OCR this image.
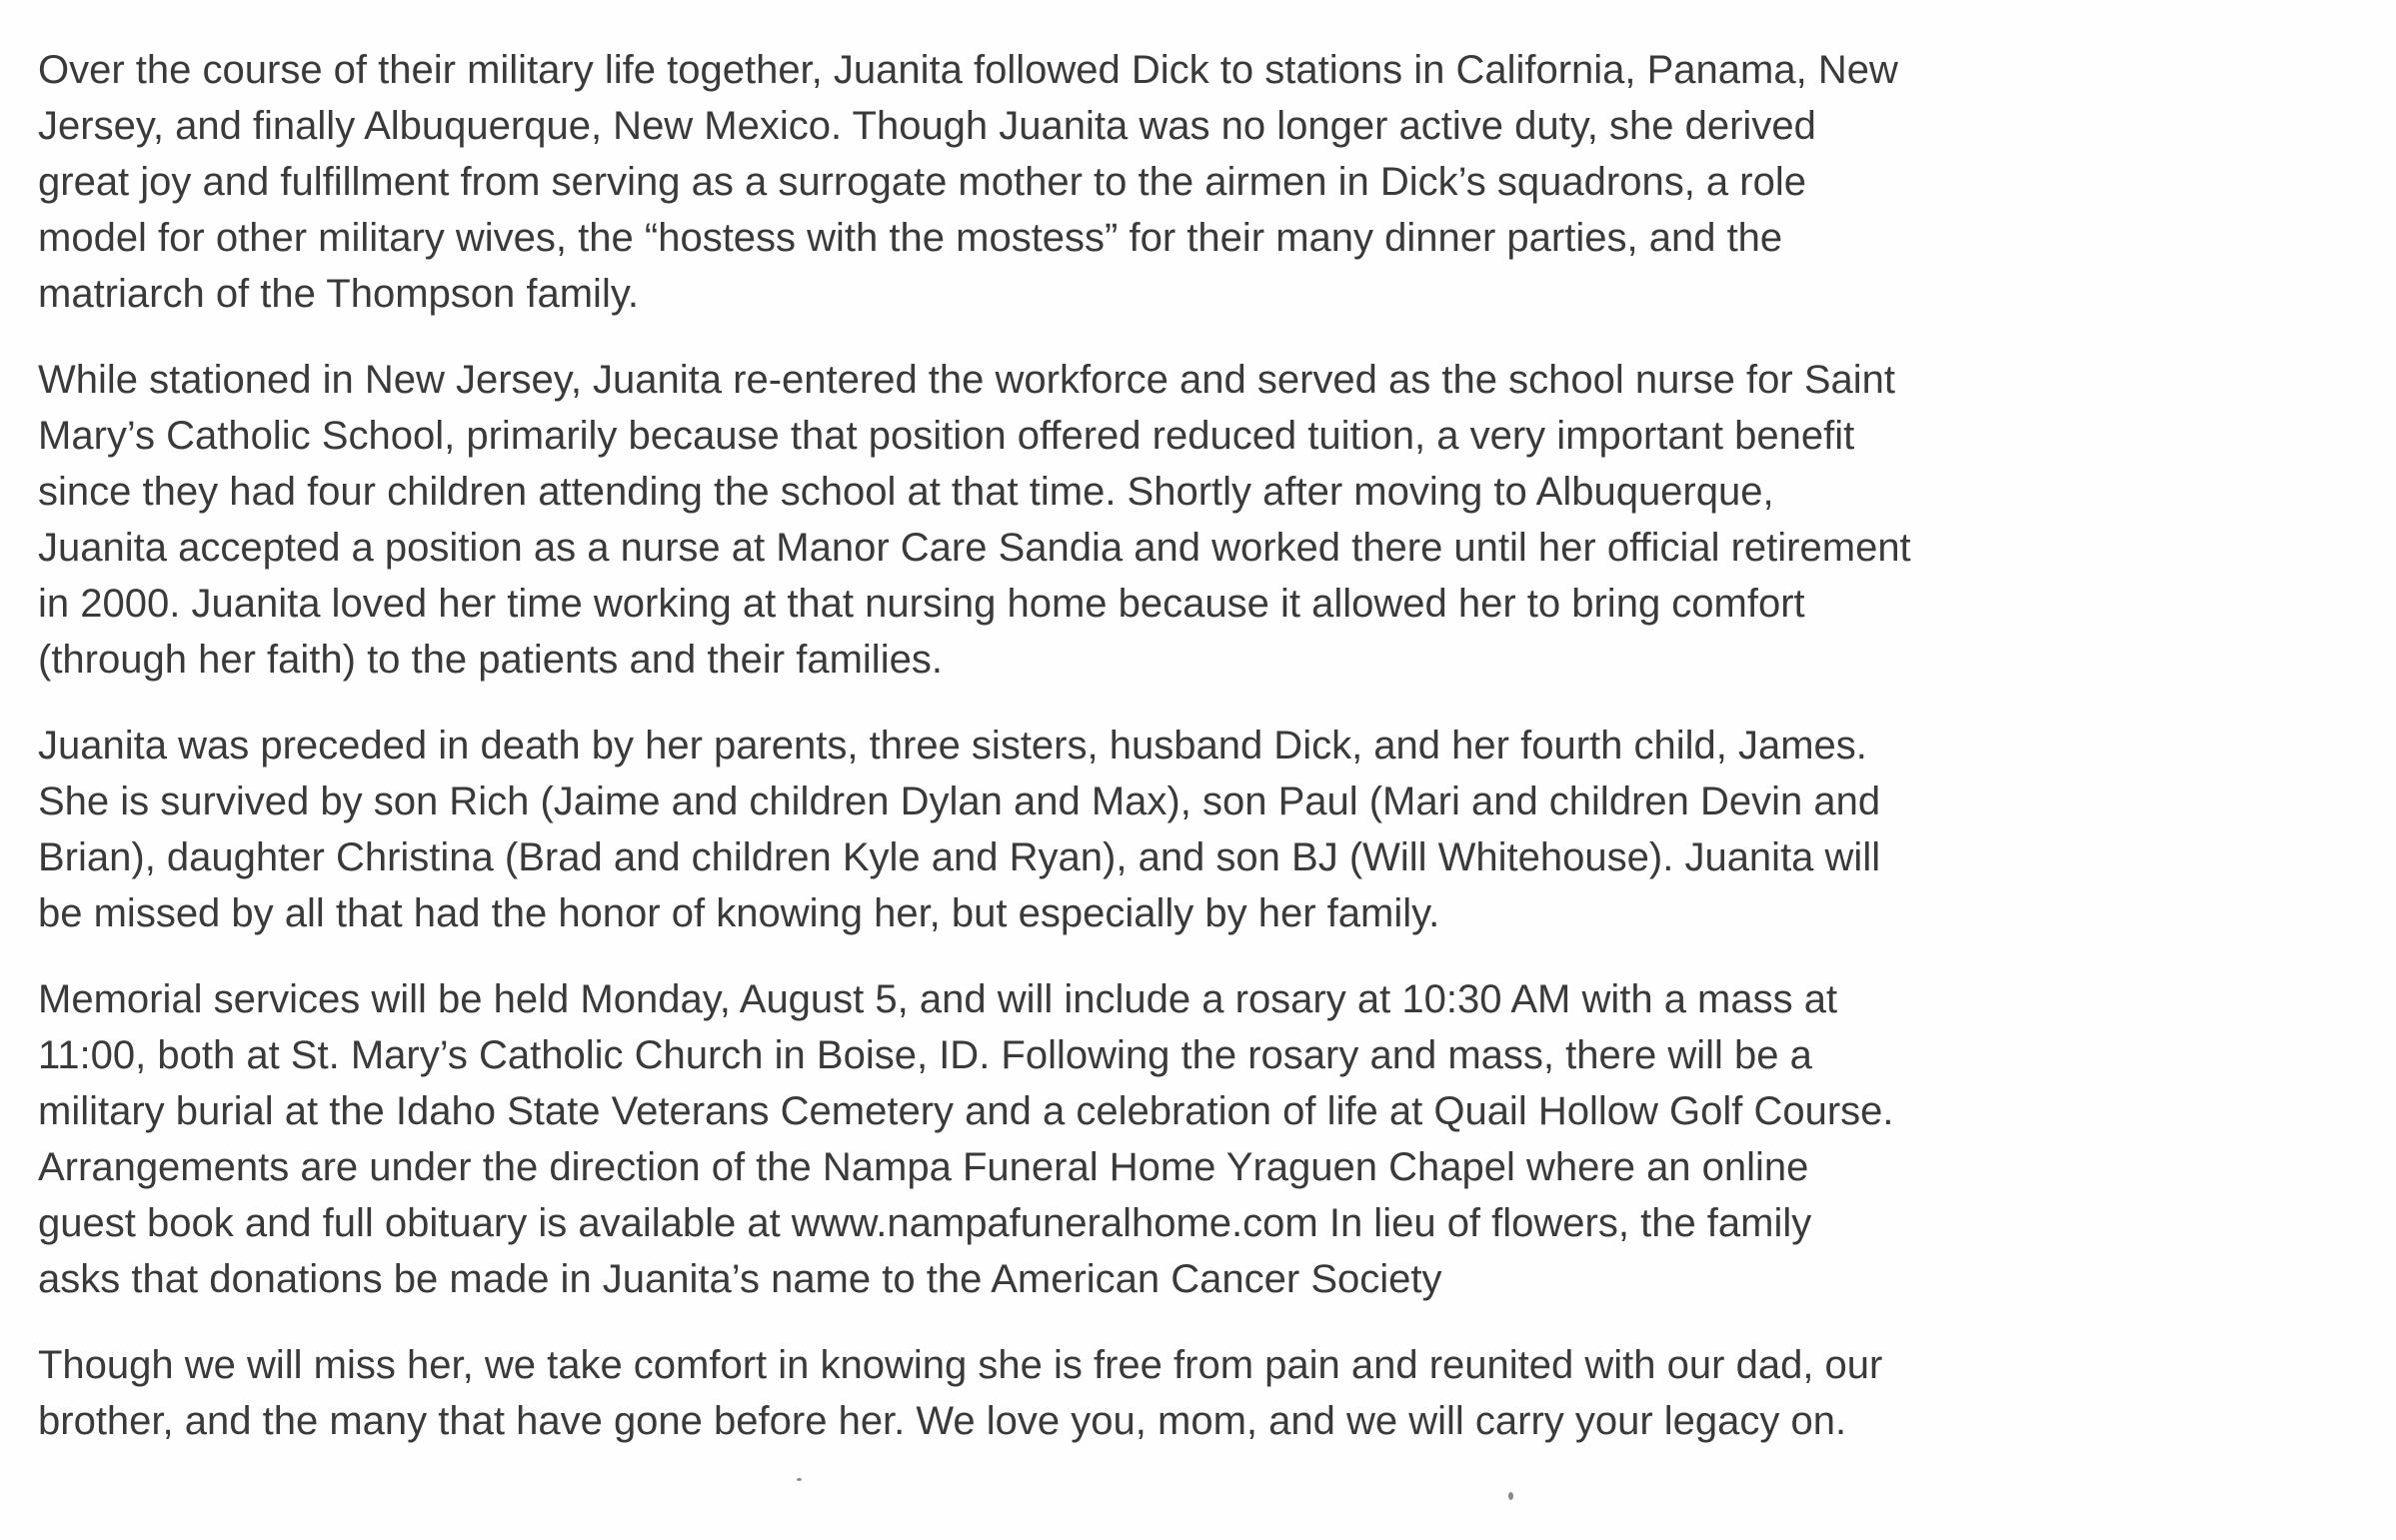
Over the course of their military life together, Juanita followed Dick to stations in California, Panama, New
Jersey, and finally Albuquerque, New Mexico. Though Juanita was no longer active duty, she derived
great joy and fulfillment from serving as a surrogate mother to the airmen in Dick’s squadrons, a role
model for other military wives, the “hostess with the mostess” for their many dinner parties, and the
matriarch of the Thompson family.

While stationed in New Jersey, Juanita re-entered the workforce and served as the school nurse for Saint
Mary’s Catholic School, primarily because that position offered reduced tuition, a very important benefit
since they had four children attending the school at that time. Shortly after moving to Albuquerque,
Juanita accepted a position as a nurse at Manor Care Sandia and worked there until her official retirement
in 2000. Juanita loved her time working at that nursing home because it allowed her to bring comfort
(through her faith) to the patients and their families.

Juanita was preceded in death by her parents, three sisters, husband Dick, and her fourth child, James.
She is survived by son Rich (Jaime and children Dylan and Max), son Paul (Mari and children Devin and
Brian), daughter Christina (Brad and children Kyle and Ryan), and son BJ (Will Whitehouse). Juanita will
be missed by all that had the honor of knowing her, but especially by her family.

Memorial services will be held Monday, August 5, and will include a rosary at 10:30 AM with a mass at
11:00, both at St. Mary’s Catholic Church in Boise, ID. Following the rosary and mass, there will be a
military burial at the Idaho State Veterans Cemetery and a celebration of life at Quail Hollow Golf Course.
Arrangements are under the direction of the Nampa Funeral Home Yraguen Chapel where an online
guest book and full obituary is available at www.nampafuneralhome.com In lieu of flowers, the family
asks that donations be made in Juanita’s name to the American Cancer Society

Though we will miss her, we take comfort in knowing she is free from pain and reunited with our dad, our
brother, and the many that have gone before her. We love you, mom, and we will carry your legacy on.
